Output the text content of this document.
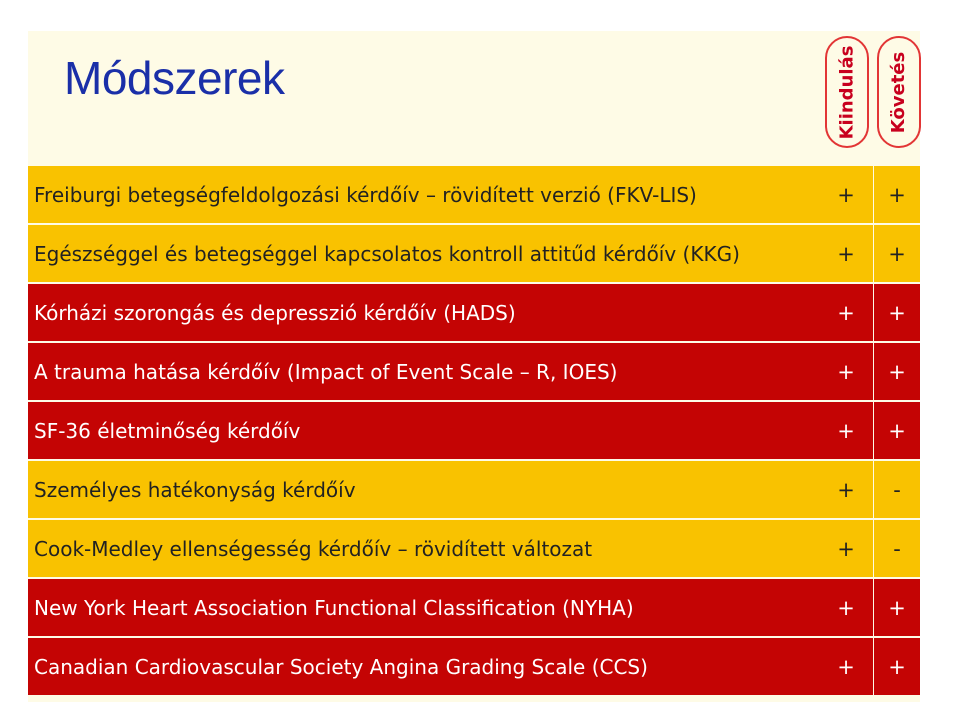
Módszerek	Kiindulás Követés
Freiburgi betegségfeldolgozási kérdőív – rövidített verzió (FKV-LIS)	+	+
Egészséggel és betegséggel kapcsolatos kontroll attitűd kérdőív (KKG)	+	+
Kórházi szorongás és depresszió kérdőív (HADS)	+	+
A trauma hatása kérdőív (Impact of Event Scale – R, IOES)	+	+
SF-36 életminőség kérdőív	+	+
Személyes hatékonyság kérdőív	+	-
Cook-Medley ellenségesség kérdőív – rövidített változat	+	-
New York Heart Association Functional Classification (NYHA)	+	+
Canadian Cardiovascular Society Angina Grading Scale (CCS)	+	+
